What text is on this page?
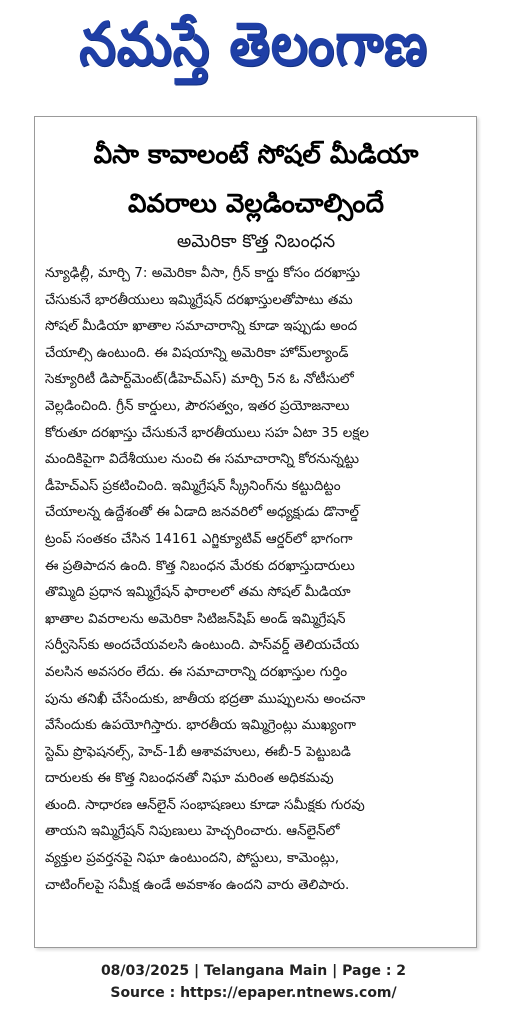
నమస్తే తెలంగాణ
వీసా కావాలంటే సోషల్ మీడియా
వివరాలు వెల్లడించాల్సిందే
అమెరికా కొత్త నిబంధన
న్యూఢిల్లీ, మార్చి 7: అమెరికా వీసా, గ్రీన్ కార్డు కోసం దరఖాస్తు
చేసుకునే భారతీయులు ఇమ్మిగ్రేషన్ దరఖాస్తులతోపాటు తమ
సోషల్ మీడియా ఖాతాల సమాచారాన్ని కూడా ఇప్పుడు అంద
చేయాల్సి ఉంటుంది. ఈ విషయాన్ని అమెరికా హోమ్‌ల్యాండ్
సెక్యూరిటీ డిపార్ట్‌మెంట్(డీహెచ్‌ఎస్) మార్చి 5న ఓ నోటీసులో
వెల్లడించింది. గ్రీన్ కార్డులు, పౌరసత్వం, ఇతర ప్రయోజనాలు
కోరుతూ దరఖాస్తు చేసుకునే భారతీయులు సహ ఏటా 35 లక్షల
మందికిపైగా విదేశీయుల నుంచి ఈ సమాచారాన్ని కోరనున్నట్టు
డీహెచ్‌ఎస్ ప్రకటించింది. ఇమ్మిగ్రేషన్ స్క్రీనింగ్‌ను కట్టుదిట్టం
చేయాలన్న ఉద్దేశంతో ఈ ఏడాది జనవరిలో అధ్యక్షుడు డొనాల్డ్
ట్రంప్ సంతకం చేసిన 14161 ఎగ్జిక్యూటివ్ ఆర్డర్‌లో భాగంగా
ఈ ప్రతిపాదన ఉంది. కొత్త నిబంధన మేరకు దరఖాస్తుదారులు
తొమ్మిది ప్రధాన ఇమ్మిగ్రేషన్ ఫారాలలో తమ సోషల్ మీడియా
ఖాతాల వివరాలను అమెరికా సిటిజన్‌షిప్ అండ్ ఇమ్మిగ్రేషన్
సర్వీసెస్‌కు అందచేయవలసి ఉంటుంది. పాస్‌వర్డ్ తెలియచేయ
వలసిన అవసరం లేదు. ఈ సమాచారాన్ని దరఖాస్తుల గుర్తిం
పును తనిఖీ చేసేందుకు, జాతీయ భద్రతా ముప్పులను అంచనా
వేసేందుకు ఉపయోగిస్తారు. భారతీయ ఇమ్మిగ్రెంట్లు ముఖ్యంగా
స్టెమ్ ప్రొఫెషనల్స్, హెచ్-1బీ ఆశావహులు, ఈబీ-5 పెట్టుబడి
దారులకు ఈ కొత్త నిబంధనతో నిఘా మరింత అధికమవు
తుంది. సాధారణ ఆన్‌లైన్ సంభాషణలు కూడా సమీక్షకు గురవు
తాయని ఇమ్మిగ్రేషన్ నిపుణులు హెచ్చరించారు. ఆన్‌లైన్‌లో
వ్యక్తుల ప్రవర్తనపై నిఘా ఉంటుందని, పోస్టులు, కామెంట్లు,
చాటింగ్‌లపై సమీక్ష ఉండే అవకాశం ఉందని వారు తెలిపారు.
08/03/2025 | Telangana Main | Page : 2
Source : https://epaper.ntnews.com/
